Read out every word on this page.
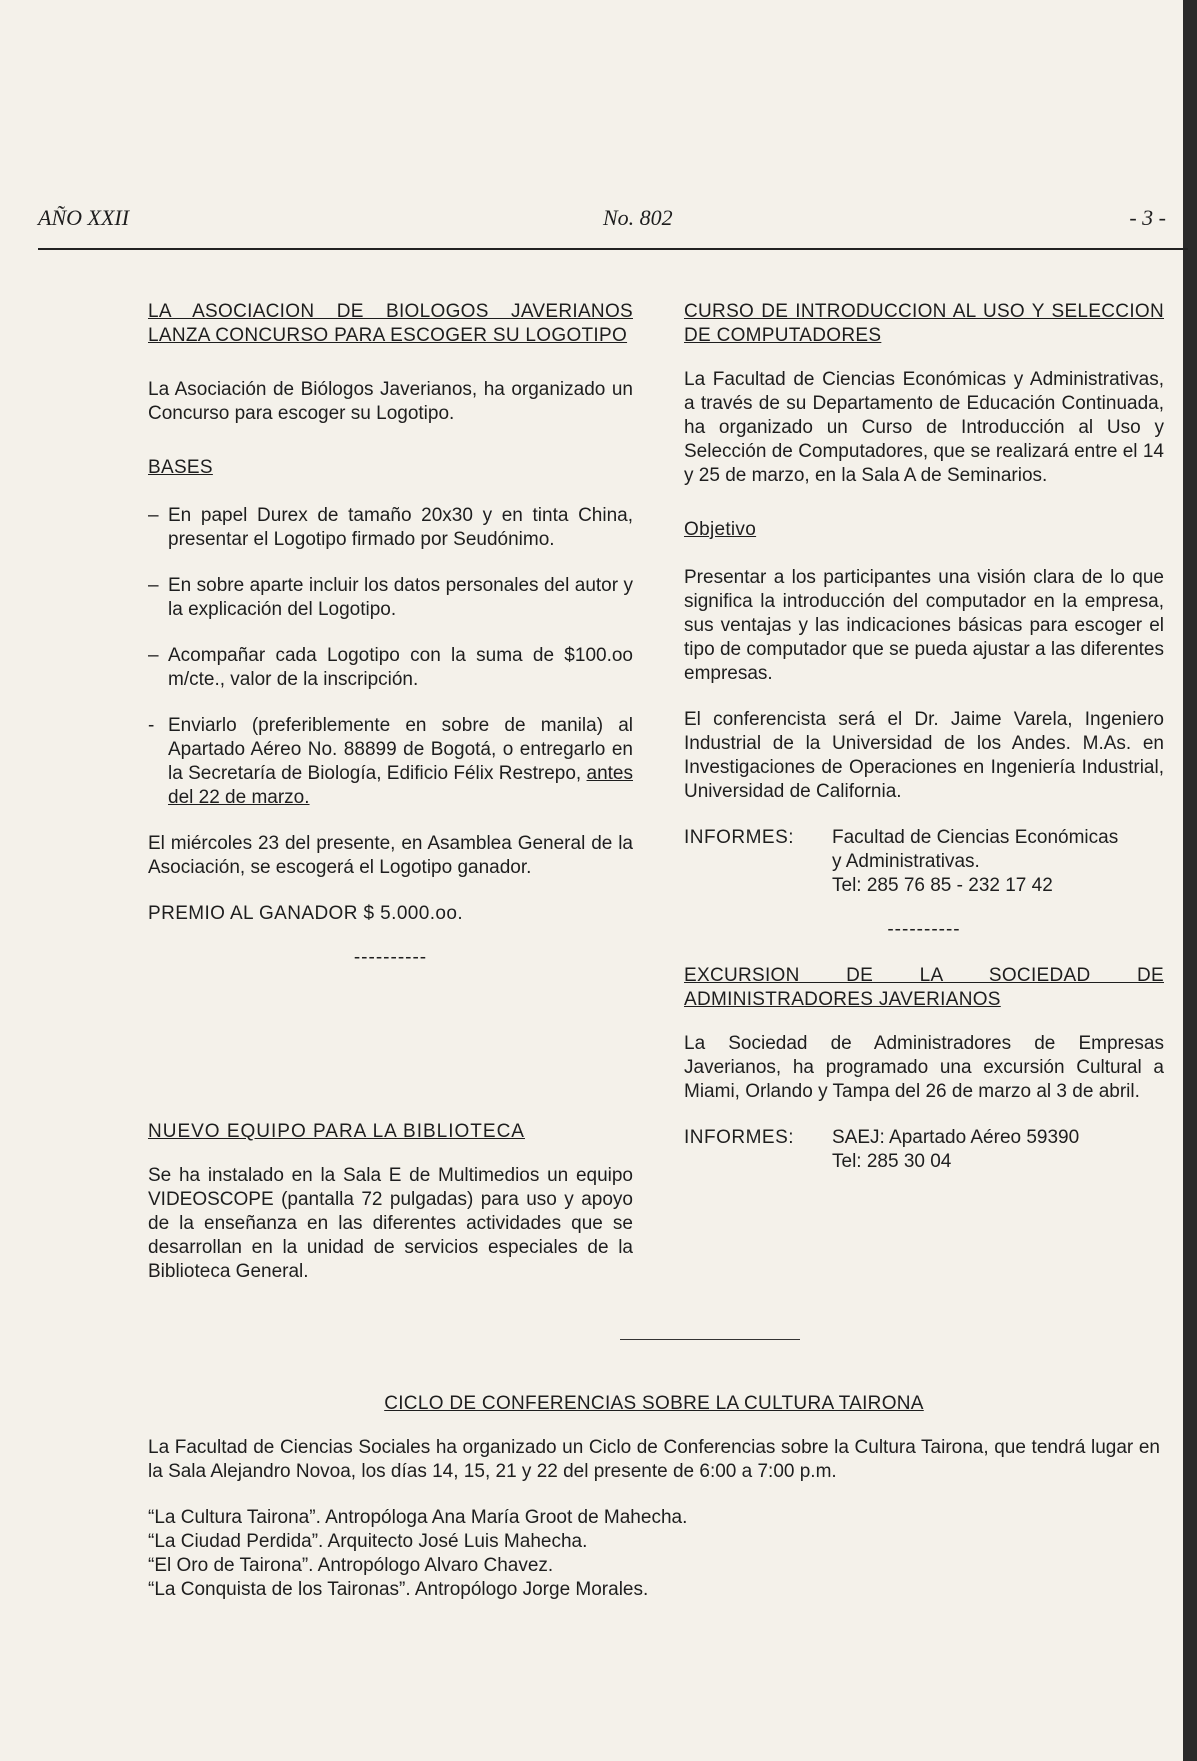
AÑO XXII	No. 802	- 3 -

LA ASOCIACION DE BIOLOGOS JAVERIANOS LANZA CONCURSO PARA ESCOGER SU LOGOTIPO

La Asociación de Biólogos Javerianos, ha organizado un Concurso para escoger su Logotipo.

BASES

– En papel Durex de tamaño 20x30 y en tinta China, presentar el Logotipo firmado por Seudónimo.
– En sobre aparte incluir los datos personales del autor y la explicación del Logotipo.
– Acompañar cada Logotipo con la suma de $100.oo m/cte., valor de la inscripción.
- Enviarlo (preferiblemente en sobre de manila) al Apartado Aéreo No. 88899 de Bogotá, o entregarlo en la Secretaría de Biología, Edificio Félix Restrepo, antes del 22 de marzo.

El miércoles 23 del presente, en Asamblea General de la Asociación, se escogerá el Logotipo ganador.

PREMIO AL GANADOR $ 5.000.oo.

----------

NUEVO EQUIPO PARA LA BIBLIOTECA

Se ha instalado en la Sala E de Multimedios un equipo VIDEOSCOPE (pantalla 72 pulgadas) para uso y apoyo de la enseñanza en las diferentes actividades que se desarrollan en la unidad de servicios especiales de la Biblioteca General.

CURSO DE INTRODUCCION AL USO Y SELECCION DE COMPUTADORES

La Facultad de Ciencias Económicas y Administrativas, a través de su Departamento de Educación Continuada, ha organizado un Curso de Introducción al Uso y Selección de Computadores, que se realizará entre el 14 y 25 de marzo, en la Sala A de Seminarios.

Objetivo

Presentar a los participantes una visión clara de lo que significa la introducción del computador en la empresa, sus ventajas y las indicaciones básicas para escoger el tipo de computador que se pueda ajustar a las diferentes empresas.

El conferencista será el Dr. Jaime Varela, Ingeniero Industrial de la Universidad de los Andes. M.As. en Investigaciones de Operaciones en Ingeniería Industrial, Universidad de California.

INFORMES:	Facultad de Ciencias Económicas
y Administrativas.
Tel: 285 76 85 - 232 17 42

----------

EXCURSION DE LA SOCIEDAD DE ADMINISTRADORES JAVERIANOS

La Sociedad de Administradores de Empresas Javerianos, ha programado una excursión Cultural a Miami, Orlando y Tampa del 26 de marzo al 3 de abril.

INFORMES:	SAEJ: Apartado Aéreo 59390
Tel: 285 30 04

CICLO DE CONFERENCIAS SOBRE LA CULTURA TAIRONA

La Facultad de Ciencias Sociales ha organizado un Ciclo de Conferencias sobre la Cultura Tairona, que tendrá lugar en la Sala Alejandro Novoa, los días 14, 15, 21 y 22 del presente de 6:00 a 7:00 p.m.

“La Cultura Tairona”. Antropóloga Ana María Groot de Mahecha.

“La Ciudad Perdida”. Arquitecto José Luis Mahecha.

“El Oro de Tairona”. Antropólogo Alvaro Chavez.

“La Conquista de los Taironas”. Antropólogo Jorge Morales.
